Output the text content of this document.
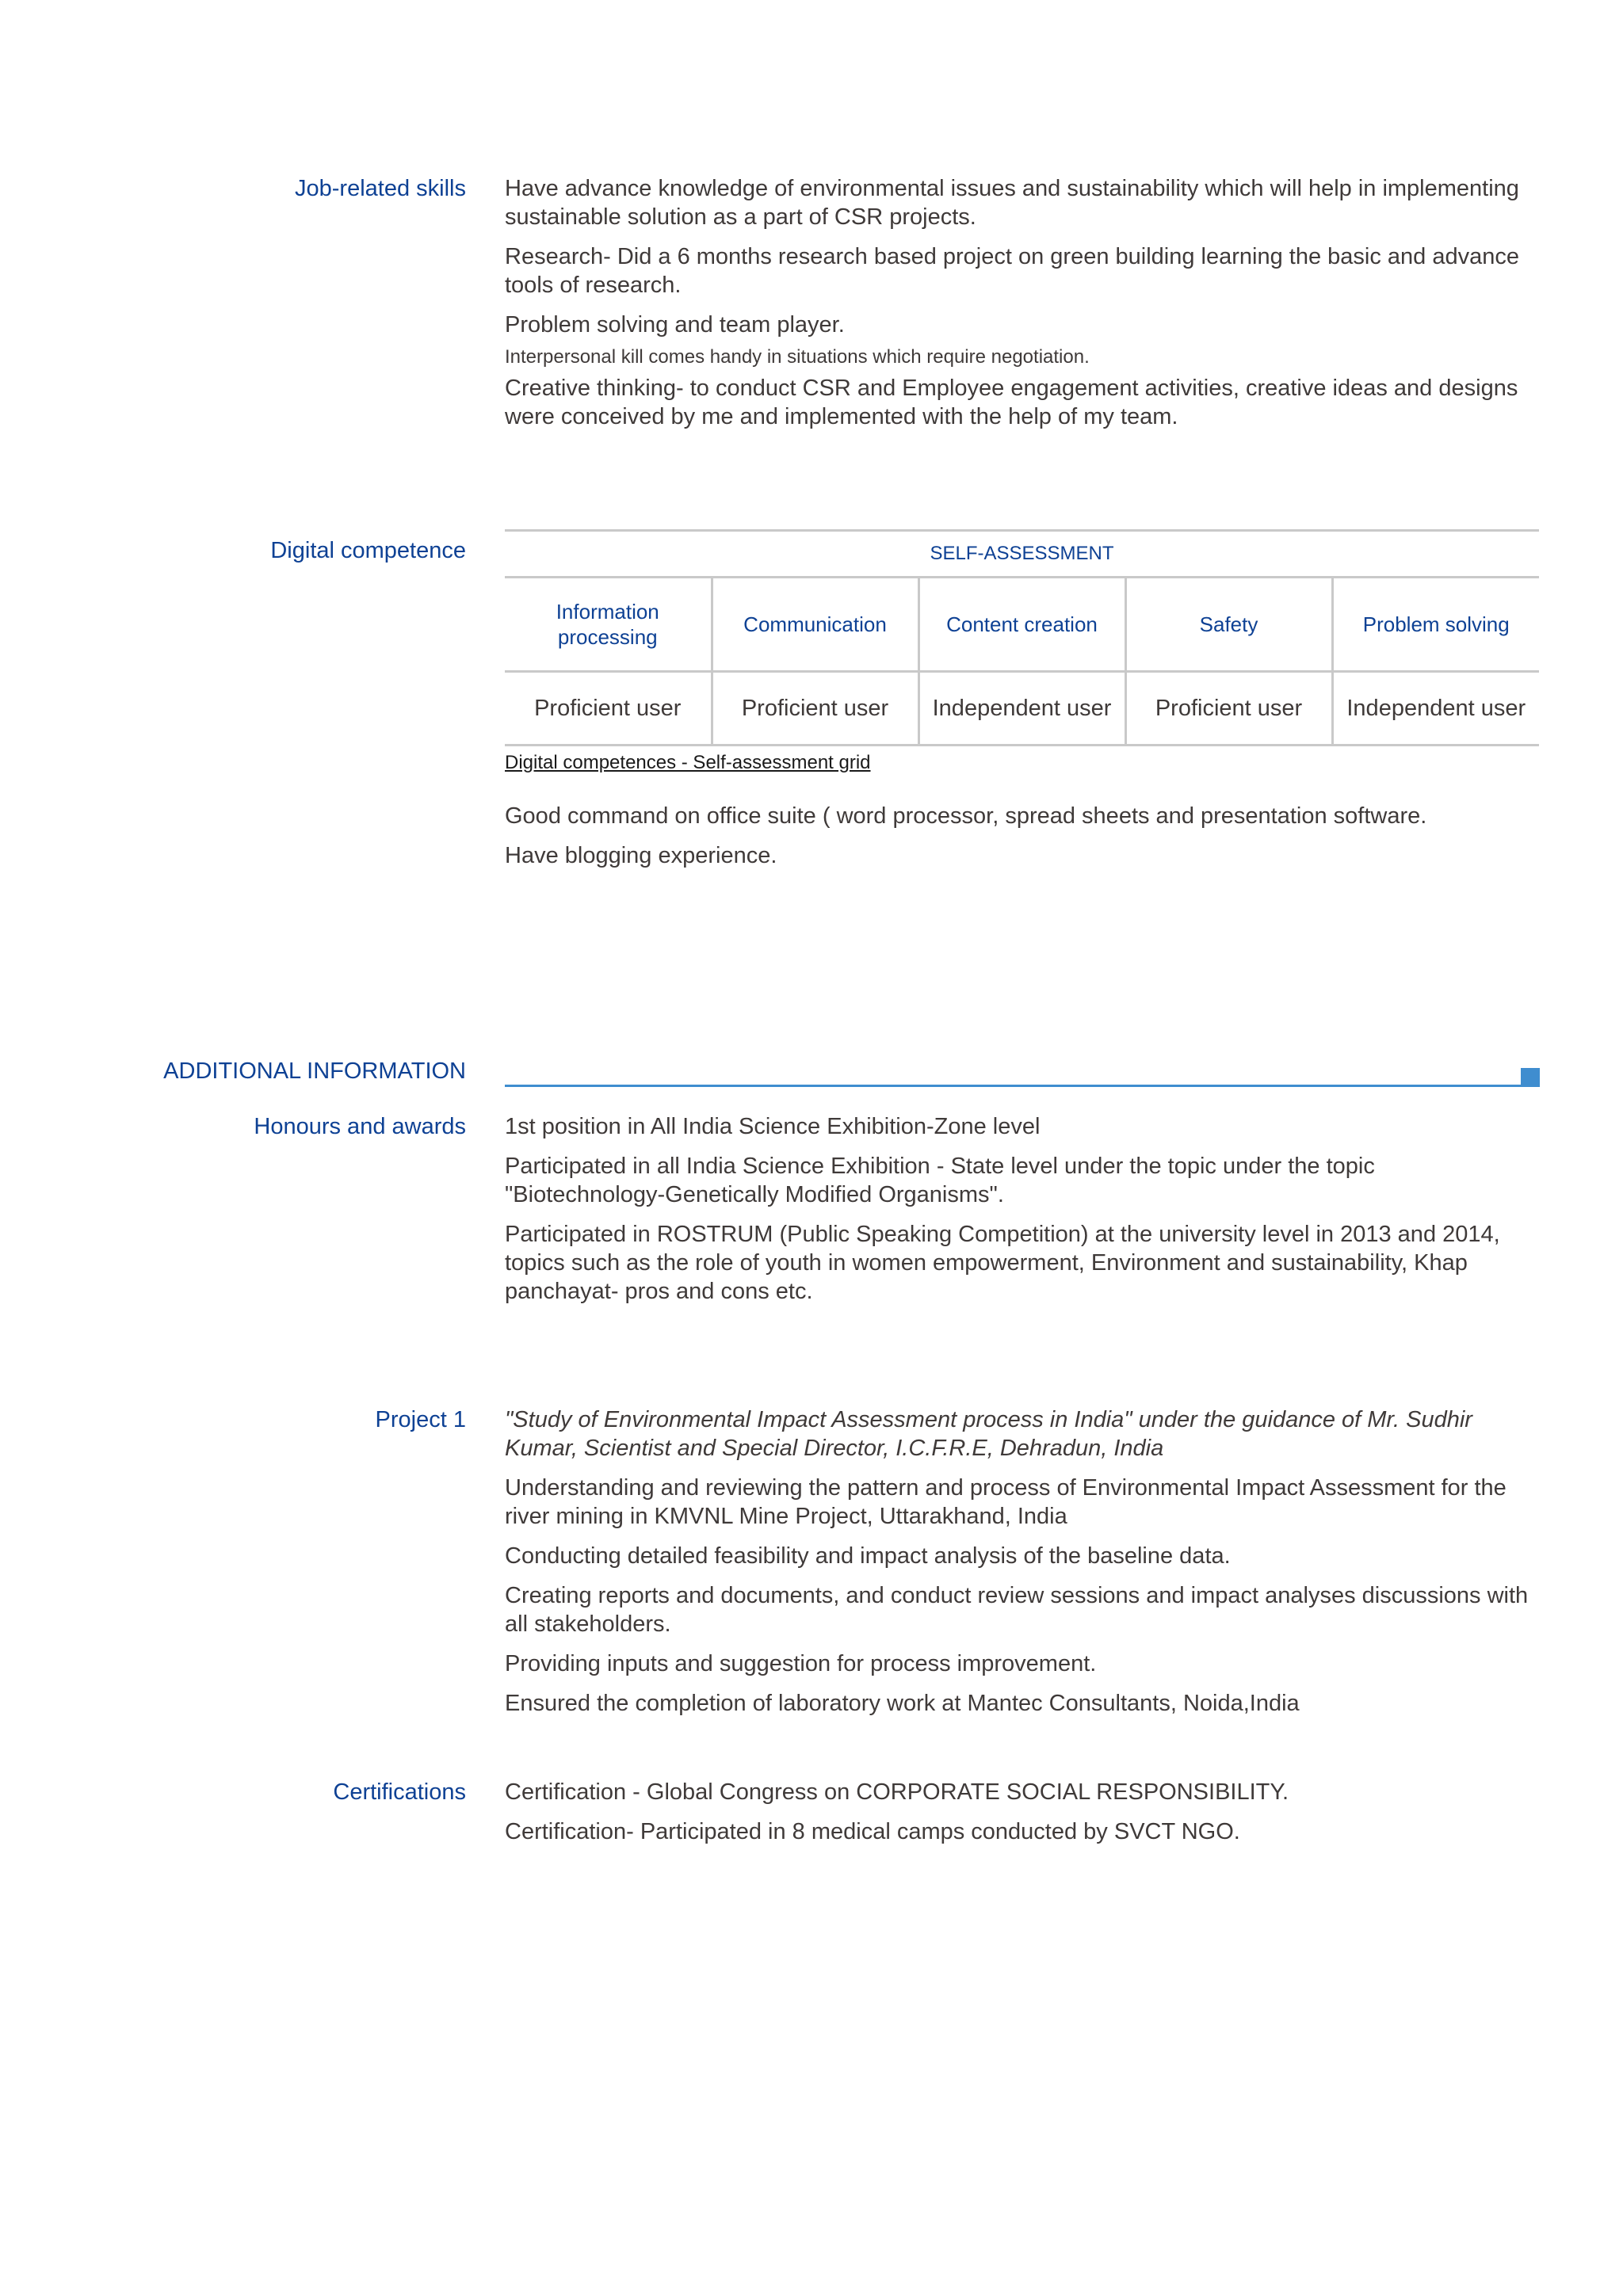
Job-related skills Have advance knowledge of environmental issues and sustainability which will help in implementing sustainable solution as a part of CSR projects.

Research- Did a 6 months research based project on green building learning the basic and advance tools of research.

Problem solving and team player.

Interpersonal kill comes handy in situations which require negotiation.

Creative thinking- to conduct CSR and Employee engagement activities, creative ideas and designs were conceived by me and implemented with the help of my team.

Digital competence	SELF-ASSESSMENT				
Information processing	Communication	Content creation	Safety	Problem solving
Proficient user	Proficient user	Independent user	Proficient user	Independent user
Digital competences - Self-assessment grid

Good command on office suite ( word processor, spread sheets and presentation software.

Have blogging experience.

ADDITIONAL INFORMATION
Honours and awards 1st position in All India Science Exhibition-Zone level

Participated in all India Science Exhibition - State level under the topic under the topic "Biotechnology-Genetically Modified Organisms".

Participated in ROSTRUM (Public Speaking Competition) at the university level in 2013 and 2014, topics such as the role of youth in women empowerment, Environment and sustainability, Khap panchayat- pros and cons etc.

Project 1 "Study of Environmental Impact Assessment process in India" under the guidance of Mr. Sudhir Kumar, Scientist and Special Director, I.C.F.R.E, Dehradun, India

Understanding and reviewing the pattern and process of Environmental Impact Assessment for the river mining in KMVNL Mine Project, Uttarakhand, India

Conducting detailed feasibility and impact analysis of the baseline data.

Creating reports and documents, and conduct review sessions and impact analyses discussions with all stakeholders.

Providing inputs and suggestion for process improvement.

Ensured the completion of laboratory work at Mantec Consultants, Noida,India

Certifications Certification - Global Congress on CORPORATE SOCIAL RESPONSIBILITY.

Certification- Participated in 8 medical camps conducted by SVCT NGO.
